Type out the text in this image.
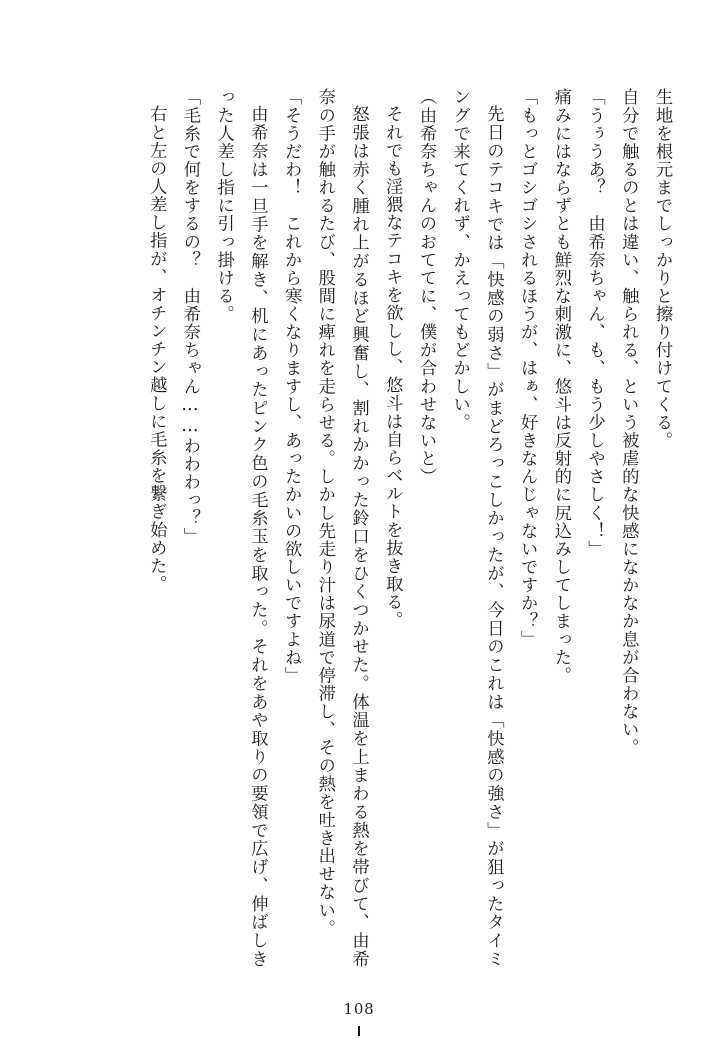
生地を根元までしっかりと擦り付けてくる。

自分で触るのとは違い、触られる、という被虐的な快感になかなか息が合わない。

「うぅうあ？　由希奈ちゃん、も、もう少しやさしく！」

痛みにはならずとも鮮烈な刺激に、悠斗は反射的に尻込みしてしまった。

「もっとゴシゴシされるほうが、はぁ、好きなんじゃないですか？」

先日のテコキでは「快感の弱さ」がまどろっこしかったが、今日のこれは「快感の強さ」が狙ったタイミングで来てくれず、かえってもどかしい。

（由希奈ちゃんのおててに、僕が合わせないと）

それでも淫猥なテコキを欲しし、悠斗は自らベルトを抜き取る。

怒張は赤く腫れ上がるほど興奮し、割れかかった鈴口をひくつかせた。体温を上まわる熱を帯びて、由希奈の手が触れるたび、股間に痺れを走らせる。しかし先走り汁は尿道で停滞し、その熱を吐き出せない。

「そうだわ！　これから寒くなりますし、あったかいの欲しいですよね」

由希奈は一旦手を解き、机にあったピンク色の毛糸玉を取った。それをあや取りの要領で広げ、伸ばしきった人差し指に引っ掛ける。

「毛糸で何をするの？　由希奈ちゃん……わわわっ？」

右と左の人差し指が、オチンチン越しに毛糸を繋ぎ始めた。

108
